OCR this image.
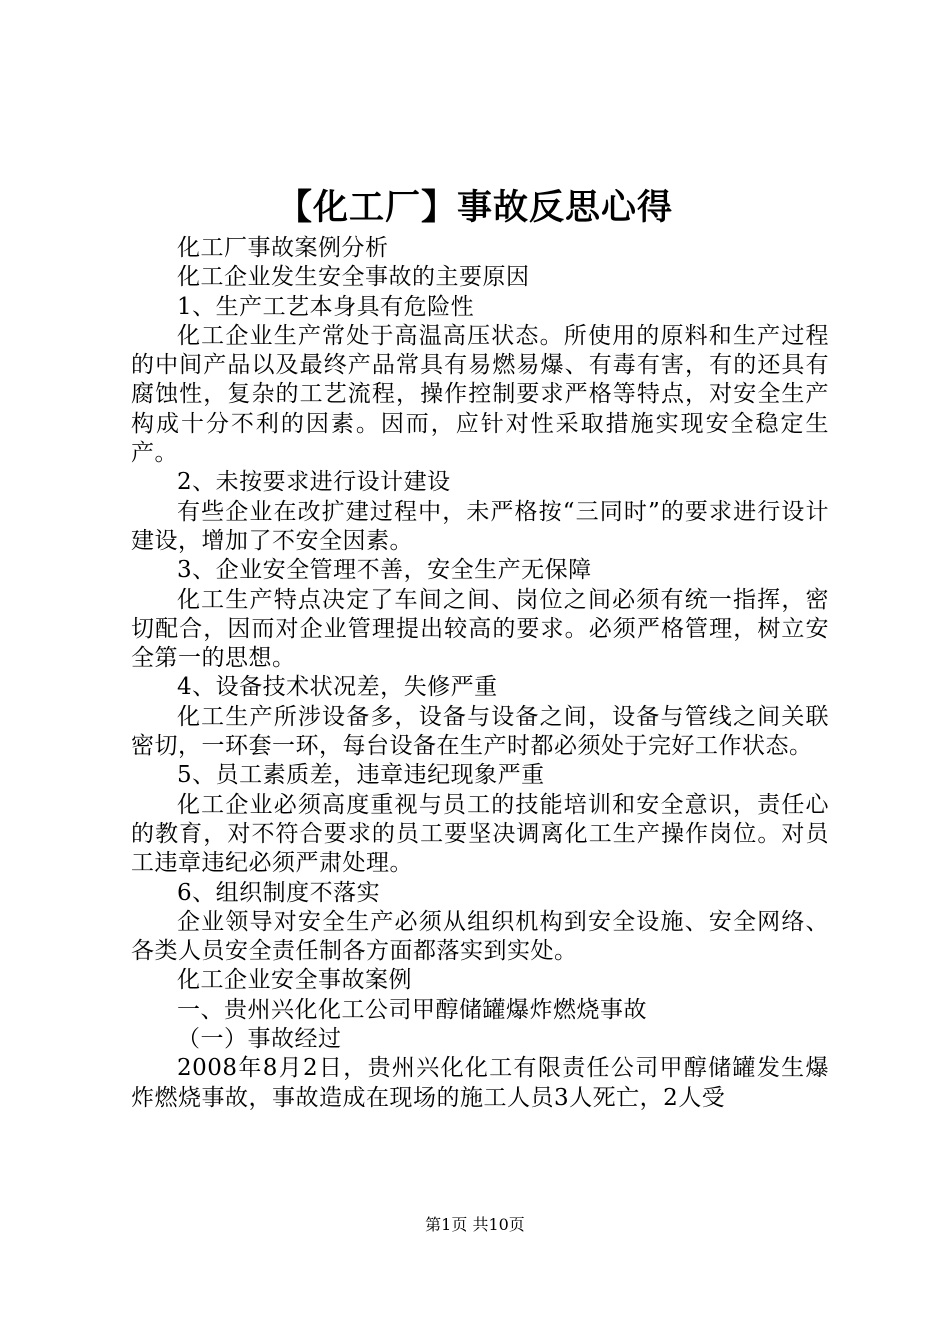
【化工厂】事故反思心得

化工厂事故案例分析

化工企业发生安全事故的主要原因

1、生产工艺本身具有危险性

化工企业生产常处于高温高压状态。所使用的原料和生产过程的中间产品以及最终产品常具有易燃易爆、有毒有害，有的还具有腐蚀性，复杂的工艺流程，操作控制要求严格等特点，对安全生产构成十分不利的因素。因而，应针对性采取措施实现安全稳定生产。

2、未按要求进行设计建设

有些企业在改扩建过程中，未严格按“三同时”的要求进行设计建设，增加了不安全因素。

3、企业安全管理不善，安全生产无保障

化工生产特点决定了车间之间、岗位之间必须有统一指挥，密切配合，因而对企业管理提出较高的要求。必须严格管理，树立安全第一的思想。

4、设备技术状况差，失修严重

化工生产所涉设备多，设备与设备之间，设备与管线之间关联密切，一环套一环，每台设备在生产时都必须处于完好工作状态。

5、员工素质差，违章违纪现象严重

化工企业必须高度重视与员工的技能培训和安全意识，责任心的教育，对不符合要求的员工要坚决调离化工生产操作岗位。对员工违章违纪必须严肃处理。

6、组织制度不落实

企业领导对安全生产必须从组织机构到安全设施、安全网络、各类人员安全责任制各方面都落实到实处。

化工企业安全事故案例

一、贵州兴化化工公司甲醇储罐爆炸燃烧事故

（一）事故经过

2008年8月2日，贵州兴化化工有限责任公司甲醇储罐发生爆炸燃烧事故，事故造成在现场的施工人员3人死亡，2人受

第1页 共10页
